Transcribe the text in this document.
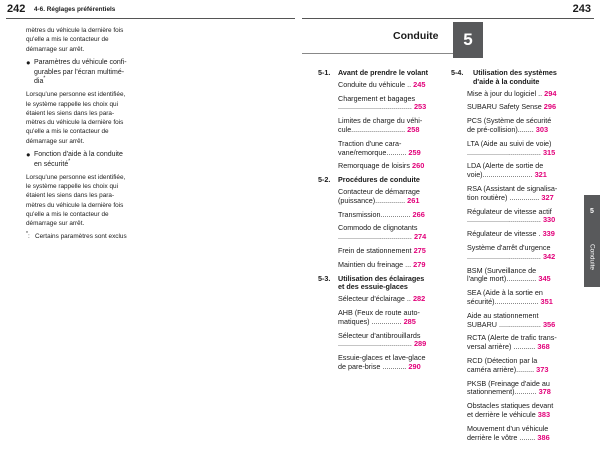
242 4-6. Réglages préférentiels

mètres du véhicule la dernière fois
qu'elle a mis le contacteur de
démarrage sur arrêt.

● Paramètres du véhicule confi-
gurables par l'écran multimé-
dia*

Lorsqu'une personne est identifiée,
le système rappelle les choix qui
étaient les siens dans les para-
mètres du véhicule la dernière fois
qu'elle a mis le contacteur de
démarrage sur arrêt.

● Fonction d'aide à la conduite
en sécurité*

Lorsqu'une personne est identifiée,
le système rappelle les choix qui
étaient les siens dans les para-
mètres du véhicule la dernière fois
qu'elle a mis le contacteur de
démarrage sur arrêt.

*: Certains paramètres sont exclus
243
Conduite	5
5-1.	Avant de prendre le volant
Conduite du véhicule .. 245
Chargement et bagages
..................................... 253
Limites de charge du véhi-
cule........................... 258
Traction d'une cara-
vane/remorque.......... 259
Remorquage de loisirs 260
5-2.	Procédures de conduite
Contacteur de démarrage
(puissance)............... 261
Transmission............... 266
Commodo de clignotants
..................................... 274
Frein de stationnement 275
Maintien du freinage ... 279
5-3.	Utilisation des éclairages
et des essuie-glaces
Sélecteur d'éclairage .. 282
AHB (Feux de route auto-
matiques) ............... 285
Sélecteur d'antibrouillards
..................................... 289
Essuie-glaces et lave-glace
de pare-brise ............ 290
5-4.	Utilisation des systèmes
d'aide à la conduite
Mise à jour du logiciel .. 294
SUBARU Safety Sense 296
PCS (Système de sécurité
de pré-collision)........ 303
LTA (Aide au suivi de voie)
..................................... 315
LDA (Alerte de sortie de
voie)......................... 321
RSA (Assistant de signalisa-
tion routière) ............... 327
Régulateur de vitesse actif
..................................... 330
Régulateur de vitesse . 339
Système d'arrêt d'urgence
..................................... 342
BSM (Surveillance de
l'angle mort)............... 345
SEA (Aide à la sortie en
sécurité)...................... 351
Aide au stationnement
SUBARU ..................... 356
RCTA (Alerte de trafic trans-
versal arrière) ........... 368
RCD (Détection par la
caméra arrière)......... 373
PKSB (Freinage d'aide au
stationnement)........... 378
Obstacles statiques devant
et derrière le véhicule 383
Mouvement d'un véhicule
derrière le vôtre ........ 386
5
Conduite
